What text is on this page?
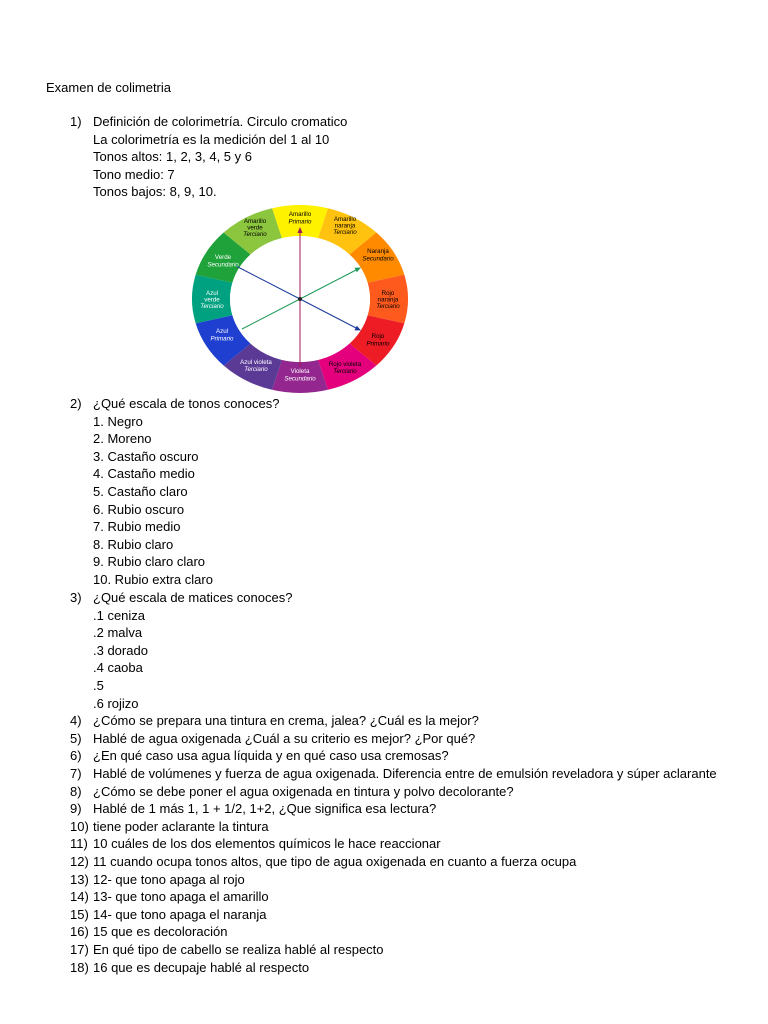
Examen de colimetria
1) Definición de colorimetría. Circulo cromatico
La colorimetría es la medición del 1 al 10
Tonos altos: 1, 2, 3, 4, 5 y 6
Tono medio: 7
Tonos bajos: 8, 9, 10.
Amarillo
Primario	Amarillo
naranja
Terciario
Naranja
Secundario
Rojo
naranja
Terciario
Rojo
Primario
Rojo violeta
Terciario
Violeta
Secundario
Azul violeta
Terciario
Azul
Primario
Azul
verde
Terciario
Verde
Secundario
Amarillo
verde
Terciario
2) ¿Qué escala de tonos conoces?
1. Negro
2. Moreno
3. Castaño oscuro
4. Castaño medio
5. Castaño claro
6. Rubio oscuro
7. Rubio medio
8. Rubio claro
9. Rubio claro claro
10. Rubio extra claro
3) ¿Qué escala de matices conoces?
.1 ceniza
.2 malva
.3 dorado
.4 caoba
.5
.6 rojizo
4) ¿Cómo se prepara una tintura en crema, jalea? ¿Cuál es la mejor?
5) Hablé de agua oxigenada ¿Cuál a su criterio es mejor? ¿Por qué?
6) ¿En qué caso usa agua líquida y en qué caso usa cremosas?
7) Hablé de volúmenes y fuerza de agua oxigenada. Diferencia entre de emulsión reveladora y súper aclarante
8) ¿Cómo se debe poner el agua oxigenada en tintura y polvo decolorante?
9) Hablé de 1 más 1, 1 + 1/2, 1+2, ¿Que significa esa lectura?
10) tiene poder aclarante la tintura
11) 10 cuáles de los dos elementos químicos le hace reaccionar
12) 11 cuando ocupa tonos altos, que tipo de agua oxigenada en cuanto a fuerza ocupa
13) 12- que tono apaga al rojo
14) 13- que tono apaga el amarillo
15) 14- que tono apaga el naranja
16) 15 que es decoloración
17) En qué tipo de cabello se realiza hablé al respecto
18) 16 que es decupaje hablé al respecto
